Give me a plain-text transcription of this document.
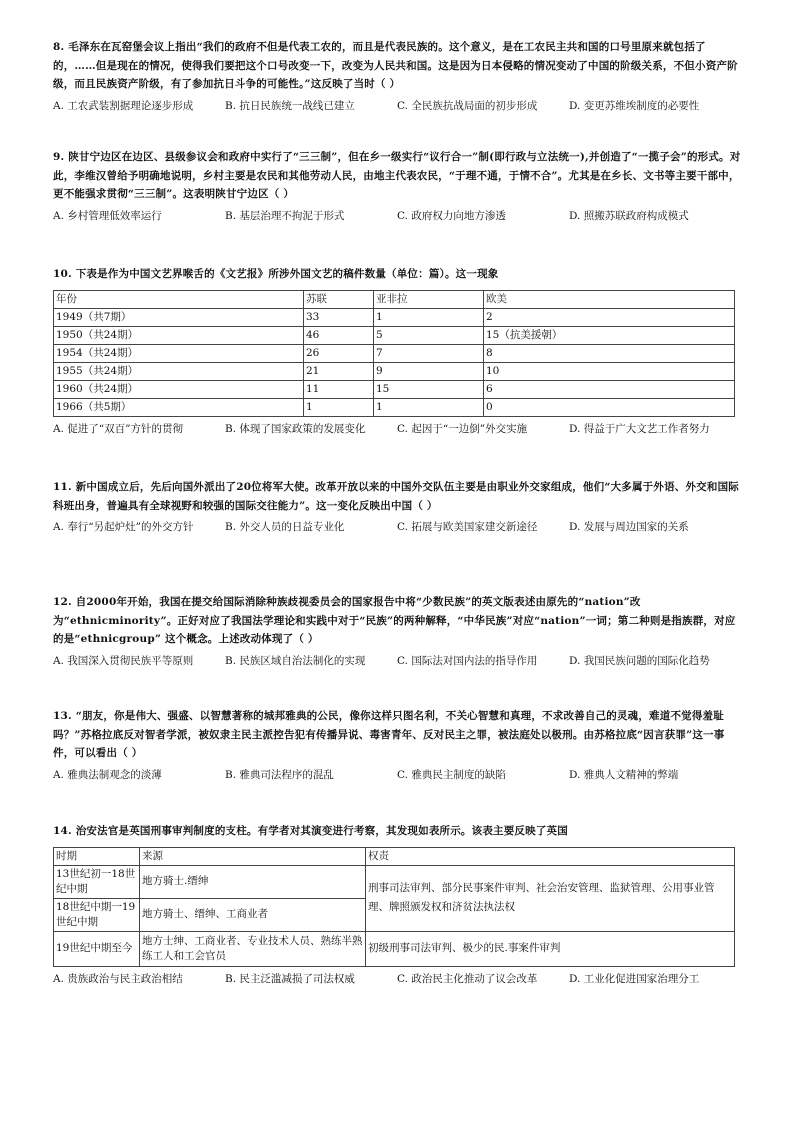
8. 毛泽东在瓦窑堡会议上指出“我们的政府不但是代表工农的，而且是代表民族的。这个意义，是在工农民主共和国的口号里原来就包括了的，……但是现在的情况，使得我们要把这个口号改变一下，改变为人民共和国。这是因为日本侵略的情况变动了中国的阶级关系，不但小资产阶级，而且民族资产阶级，有了参加抗日斗争的可能性。”这反映了当时（ ）

A. 工农武装割据理论逐步形成	B. 抗日民族统一战线已建立	C. 全民族抗战局面的初步形成	D. 变更苏维埃制度的必要性

9. 陕甘宁边区在边区、县级参议会和政府中实行了“三三制”，但在乡一级实行“议行合一”制(即行政与立法统一),并创造了“一揽子会”的形式。对此，李维汉曾给予明确地说明，乡村主要是农民和其他劳动人民，由地主代表农民，“于理不通，于情不合”。尤其是在乡长、文书等主要干部中，更不能强求贯彻“三三制”。这表明陕甘宁边区（ ）

A. 乡村管理低效率运行	B. 基层治理不拘泥于形式	C. 政府权力向地方渗透	D. 照搬苏联政府构成模式

10. 下表是作为中国文艺界喉舌的《文艺报》所涉外国文艺的稿件数量（单位：篇）。这一现象

年份	苏联	亚非拉	欧美
1949（共7期）	33	1	2
1950（共24期）	46	5	15（抗美援朝）
1954（共24期）	26	7	8
1955（共24期）	21	9	10
1960（共24期）	11	15	6
1966（共5期）	1	1	0
A. 促进了“双百”方针的贯彻	B. 体现了国家政策的发展变化	C. 起因于“一边倒”外交实施	D. 得益于广大文艺工作者努力

11. 新中国成立后，先后向国外派出了20位将军大使。改革开放以来的中国外交队伍主要是由职业外交家组成，他们“大多属于外语、外交和国际科班出身，普遍具有全球视野和较强的国际交往能力”。这一变化反映出中国（ ）

A. 奉行“另起炉灶”的外交方针	B. 外交人员的日益专业化	C. 拓展与欧美国家建交新途径	D. 发展与周边国家的关系

12. 自2000年开始，我国在提交给国际消除种族歧视委员会的国家报告中将“少数民族”的英文版表述由原先的“nation”改为“ethnicminority”。正好对应了我国法学理论和实践中对于“民族”的两种解释，“中华民族”对应“nation”一词；第二种则是指族群，对应的是“ethnicgroup” 这个概念。上述改动体现了（ ）

A. 我国深入贯彻民族平等原则	B. 民族区域自治法制化的实现	C. 国际法对国内法的指导作用	D. 我国民族问题的国际化趋势

13. “朋友，你是伟大、强盛、以智慧著称的城邦雅典的公民，像你这样只图名利，不关心智慧和真理，不求改善自己的灵魂，难道不觉得羞耻吗？”苏格拉底反对智者学派，被奴隶主民主派控告犯有传播异说、毒害青年、反对民主之罪，被法庭处以极刑。由苏格拉底“因言获罪”这一事件，可以看出（ ）

A. 雅典法制观念的淡薄	B. 雅典司法程序的混乱	C. 雅典民主制度的缺陷	D. 雅典人文精神的弊端

14. 治安法官是英国刑事审判制度的支柱。有学者对其演变进行考察，其发现如表所示。该表主要反映了英国

时期	来源	权责
13世纪初一18世纪中期	地方骑士.缙绅	刑事司法审判、部分民事案件审判、社会治安管理、监狱管理、公用事业管理、牌照颁发权和济贫法执法权
18世纪中期一19世纪中期	地方骑士、缙绅、工商业者	
19世纪中期至今	地方士绅、工商业者、专业技术人员、熟练半熟练工人和工会官员	初级刑事司法审判、极少的民.事案件审判
A. 贵族政治与民主政治相结	B. 民主泛滥减损了司法权威	C. 政治民主化推动了议会改革	D. 工业化促进国家治理分工
